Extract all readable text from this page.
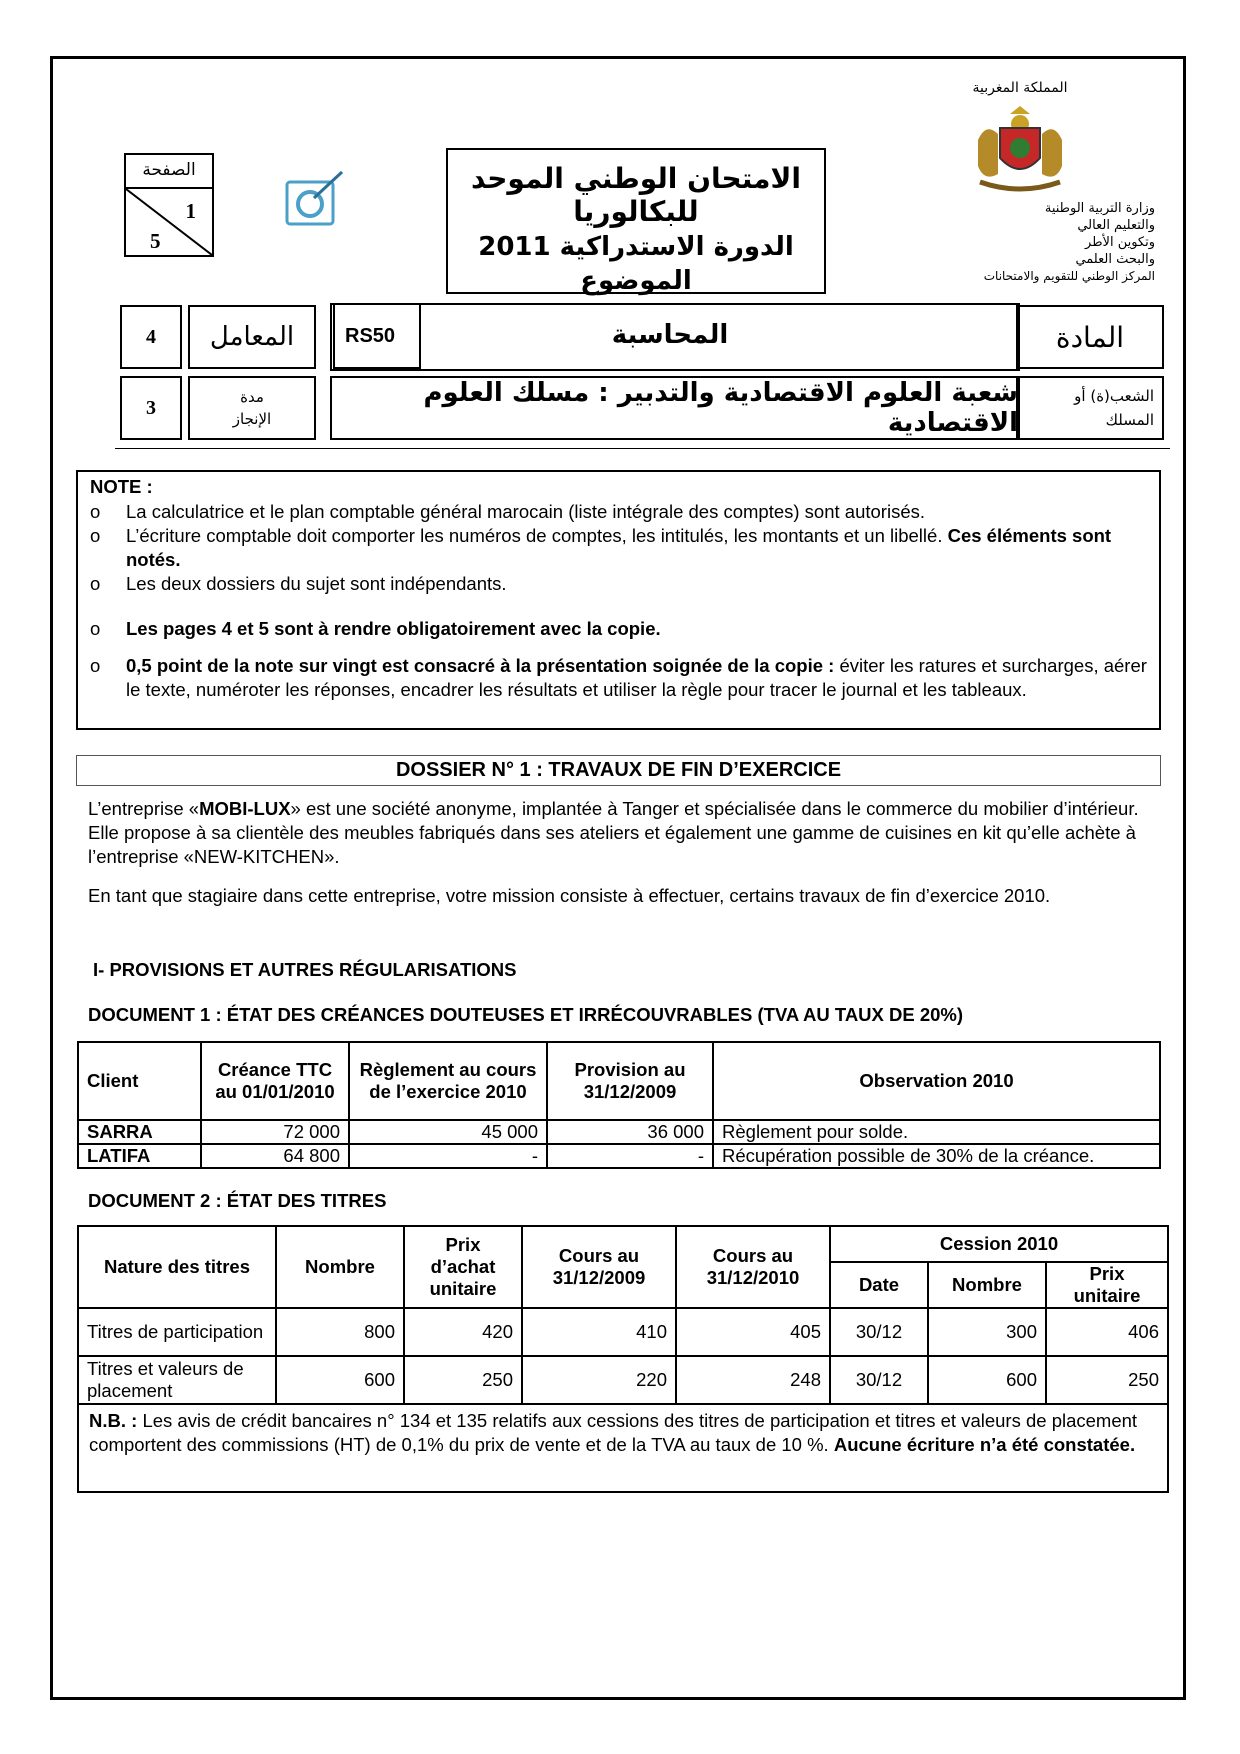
الصفحة
1
5
الامتحان الوطني الموحد للبكالوريا
الدورة الاستدراكية 2011
الموضوع
المملكة المغربية
وزارة التربية الوطنية
والتعليم العالي
وتكوين الأطر
والبحث العلمي
المركز الوطني للتقويم والامتحانات
4	المعامل	RS50	المحاسبة	المادة
3	مدة
الإنجاز
شعبة العلوم الاقتصادية والتدبير : مسلك العلوم الاقتصادية
الشعب(ة) أو
المسلك
NOTE :
o La calculatrice et le plan comptable général marocain (liste intégrale des comptes) sont autorisés.
o L’écriture comptable doit comporter les numéros de comptes, les intitulés, les montants et un libellé. Ces éléments sont notés.
o Les deux dossiers du sujet sont indépendants.
o Les pages 4 et 5 sont à rendre obligatoirement avec la copie.
o 0,5 point de la note sur vingt est consacré à la présentation soignée de la copie : éviter les ratures et surcharges, aérer le texte, numéroter les réponses, encadrer les résultats et utiliser la règle pour tracer le journal et les tableaux.
DOSSIER N° 1 : TRAVAUX DE FIN D’EXERCICE
L’entreprise «MOBI-LUX» est une société anonyme, implantée à Tanger et spécialisée dans le commerce du mobilier d’intérieur. Elle propose à sa clientèle des meubles fabriqués dans ses ateliers et également une gamme de cuisines en kit qu’elle achète à l’entreprise «NEW-KITCHEN».
En tant que stagiaire dans cette entreprise, votre mission consiste à effectuer, certains travaux de fin d’exercice 2010.
I- PROVISIONS ET AUTRES RÉGULARISATIONS
DOCUMENT 1 : ÉTAT DES CRÉANCES DOUTEUSES ET IRRÉCOUVRABLES (TVA AU TAUX DE 20%)
Client	Créance TTC au 01/01/2010	Règlement au cours de l’exercice 2010	Provision au 31/12/2009	Observation 2010
SARRA	72 000	45 000	36 000	Règlement pour solde.
LATIFA	64 800	-	-	Récupération possible de 30% de la créance.
DOCUMENT 2 : ÉTAT DES TITRES
Nature des titres	Nombre	Prix d’achat unitaire	Cours au 31/12/2009	Cours au 31/12/2010	Cession 2010		
					Date	Nombre	Prix unitaire
Titres de participation	800	420	410	405	30/12	300	406
Titres et valeurs de placement	600	250	220	248	30/12	600	250
N.B. : Les avis de crédit bancaires n° 134 et 135 relatifs aux cessions des titres de participation et titres et valeurs de placement comportent des commissions (HT) de 0,1% du prix de vente et de la TVA au taux de 10 %. Aucune écriture n’a été constatée.							
